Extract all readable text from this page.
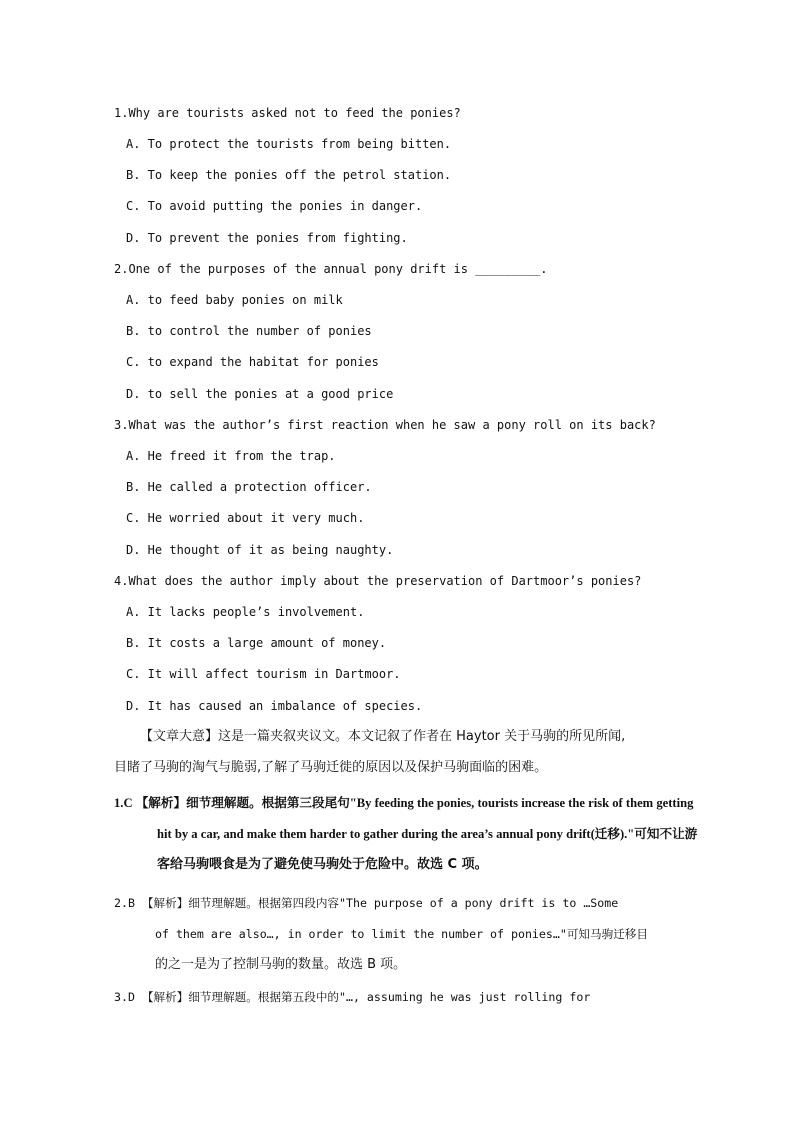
1.Why are tourists asked not to feed the ponies?
A. To protect the tourists from being bitten.
B. To keep the ponies off the petrol station.
C. To avoid putting the ponies in danger.
D. To prevent the ponies from fighting.
2.One of the purposes of the annual pony drift is _________.
A. to feed baby ponies on milk
B. to control the number of ponies
C. to expand the habitat for ponies
D. to sell the ponies at a good price
3.What was the author’s first reaction when he saw a pony roll on its back?
A. He freed it from the trap.
B. He called a protection officer.
C. He worried about it very much.
D. He thought of it as being naughty.
4.What does the author imply about the preservation of Dartmoor’s ponies?
A. It lacks people’s involvement.
B. It costs a large amount of money.
C. It will affect tourism in Dartmoor.
D. It has caused an imbalance of species.
【文章大意】这是一篇夹叙夹议文。本文记叙了作者在 Haytor 关于马驹的所见所闻,
目睹了马驹的淘气与脆弱,了解了马驹迁徙的原因以及保护马驹面临的困难。
1.C 【解析】细节理解题。根据第三段尾句"By feeding the ponies, tourists increase the risk of them getting
hit by a car, and make them harder to gather during the area’s annual pony drift(迁移)."可知不让游
客给马驹喂食是为了避免使马驹处于危险中。故选 C 项。
2.B 【解析】细节理解题。根据第四段内容"The purpose of a pony drift is to …Some
of them are also…, in order to limit the number of ponies…"可知马驹迁移目
的之一是为了控制马驹的数量。故选 B 项。
3.D 【解析】细节理解题。根据第五段中的"…, assuming he was just rolling for
